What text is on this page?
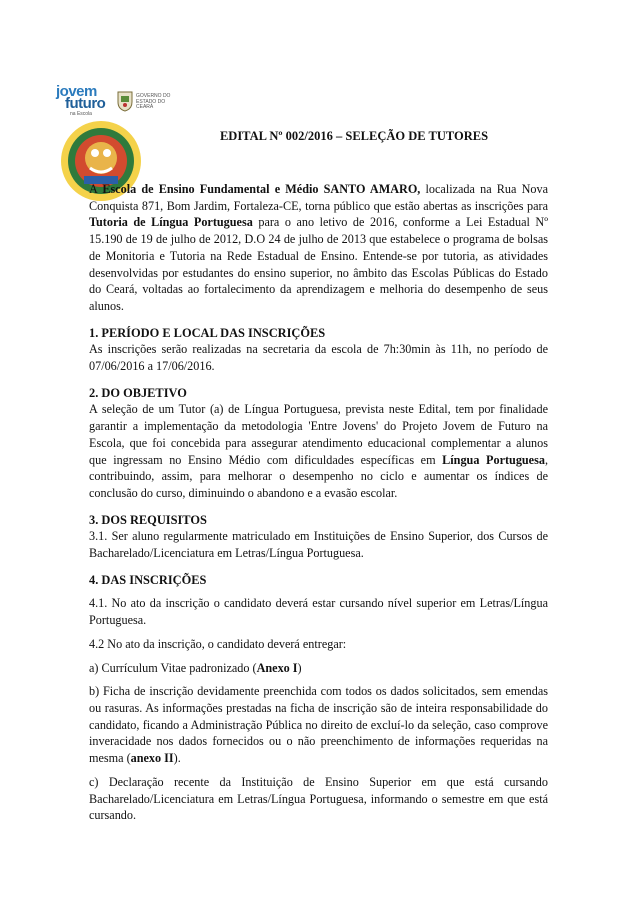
jovem
futuro
na Escola
GOVERNO DO ESTADO DO CEARÁ
EDITAL Nº 002/2016 – SELEÇÃO DE TUTORES

A Escola de Ensino Fundamental e Médio SANTO AMARO, localizada na Rua Nova Conquista 871, Bom Jardim, Fortaleza-CE, torna público que estão abertas as inscrições para Tutoria de Língua Portuguesa para o ano letivo de 2016, conforme a Lei Estadual Nº 15.190 de 19 de julho de 2012, D.O 24 de julho de 2013 que estabelece o programa de bolsas de Monitoria e Tutoria na Rede Estadual de Ensino. Entende-se por tutoria, as atividades desenvolvidas por estudantes do ensino superior, no âmbito das Escolas Públicas do Estado do Ceará, voltadas ao fortalecimento da aprendizagem e melhoria do desempenho de seus alunos.

1. PERÍODO E LOCAL DAS INSCRIÇÕES

As inscrições serão realizadas na secretaria da escola de 7h:30min às 11h, no período de 07/06/2016 a 17/06/2016.

2. DO OBJETIVO

A seleção de um Tutor (a) de Língua Portuguesa, prevista neste Edital, tem por finalidade garantir a implementação da metodologia 'Entre Jovens' do Projeto Jovem de Futuro na Escola, que foi concebida para assegurar atendimento educacional complementar a alunos que ingressam no Ensino Médio com dificuldades específicas em Língua Portuguesa, contribuindo, assim, para melhorar o desempenho no ciclo e aumentar os índices de conclusão do curso, diminuindo o abandono e a evasão escolar.

3. DOS REQUISITOS

3.1. Ser aluno regularmente matriculado em Instituições de Ensino Superior, dos Cursos de Bacharelado/Licenciatura em Letras/Língua Portuguesa.

4. DAS INSCRIÇÕES

4.1. No ato da inscrição o candidato deverá estar cursando nível superior em Letras/Língua Portuguesa.

4.2 No ato da inscrição, o candidato deverá entregar:

a) Currículum Vitae padronizado (Anexo I)

b) Ficha de inscrição devidamente preenchida com todos os dados solicitados, sem emendas ou rasuras. As informações prestadas na ficha de inscrição são de inteira responsabilidade do candidato, ficando a Administração Pública no direito de excluí-lo da seleção, caso comprove inveracidade nos dados fornecidos ou o não preenchimento de informações requeridas na mesma (anexo II).

c) Declaração recente da Instituição de Ensino Superior em que está cursando Bacharelado/Licenciatura em Letras/Língua Portuguesa, informando o semestre em que está cursando.
